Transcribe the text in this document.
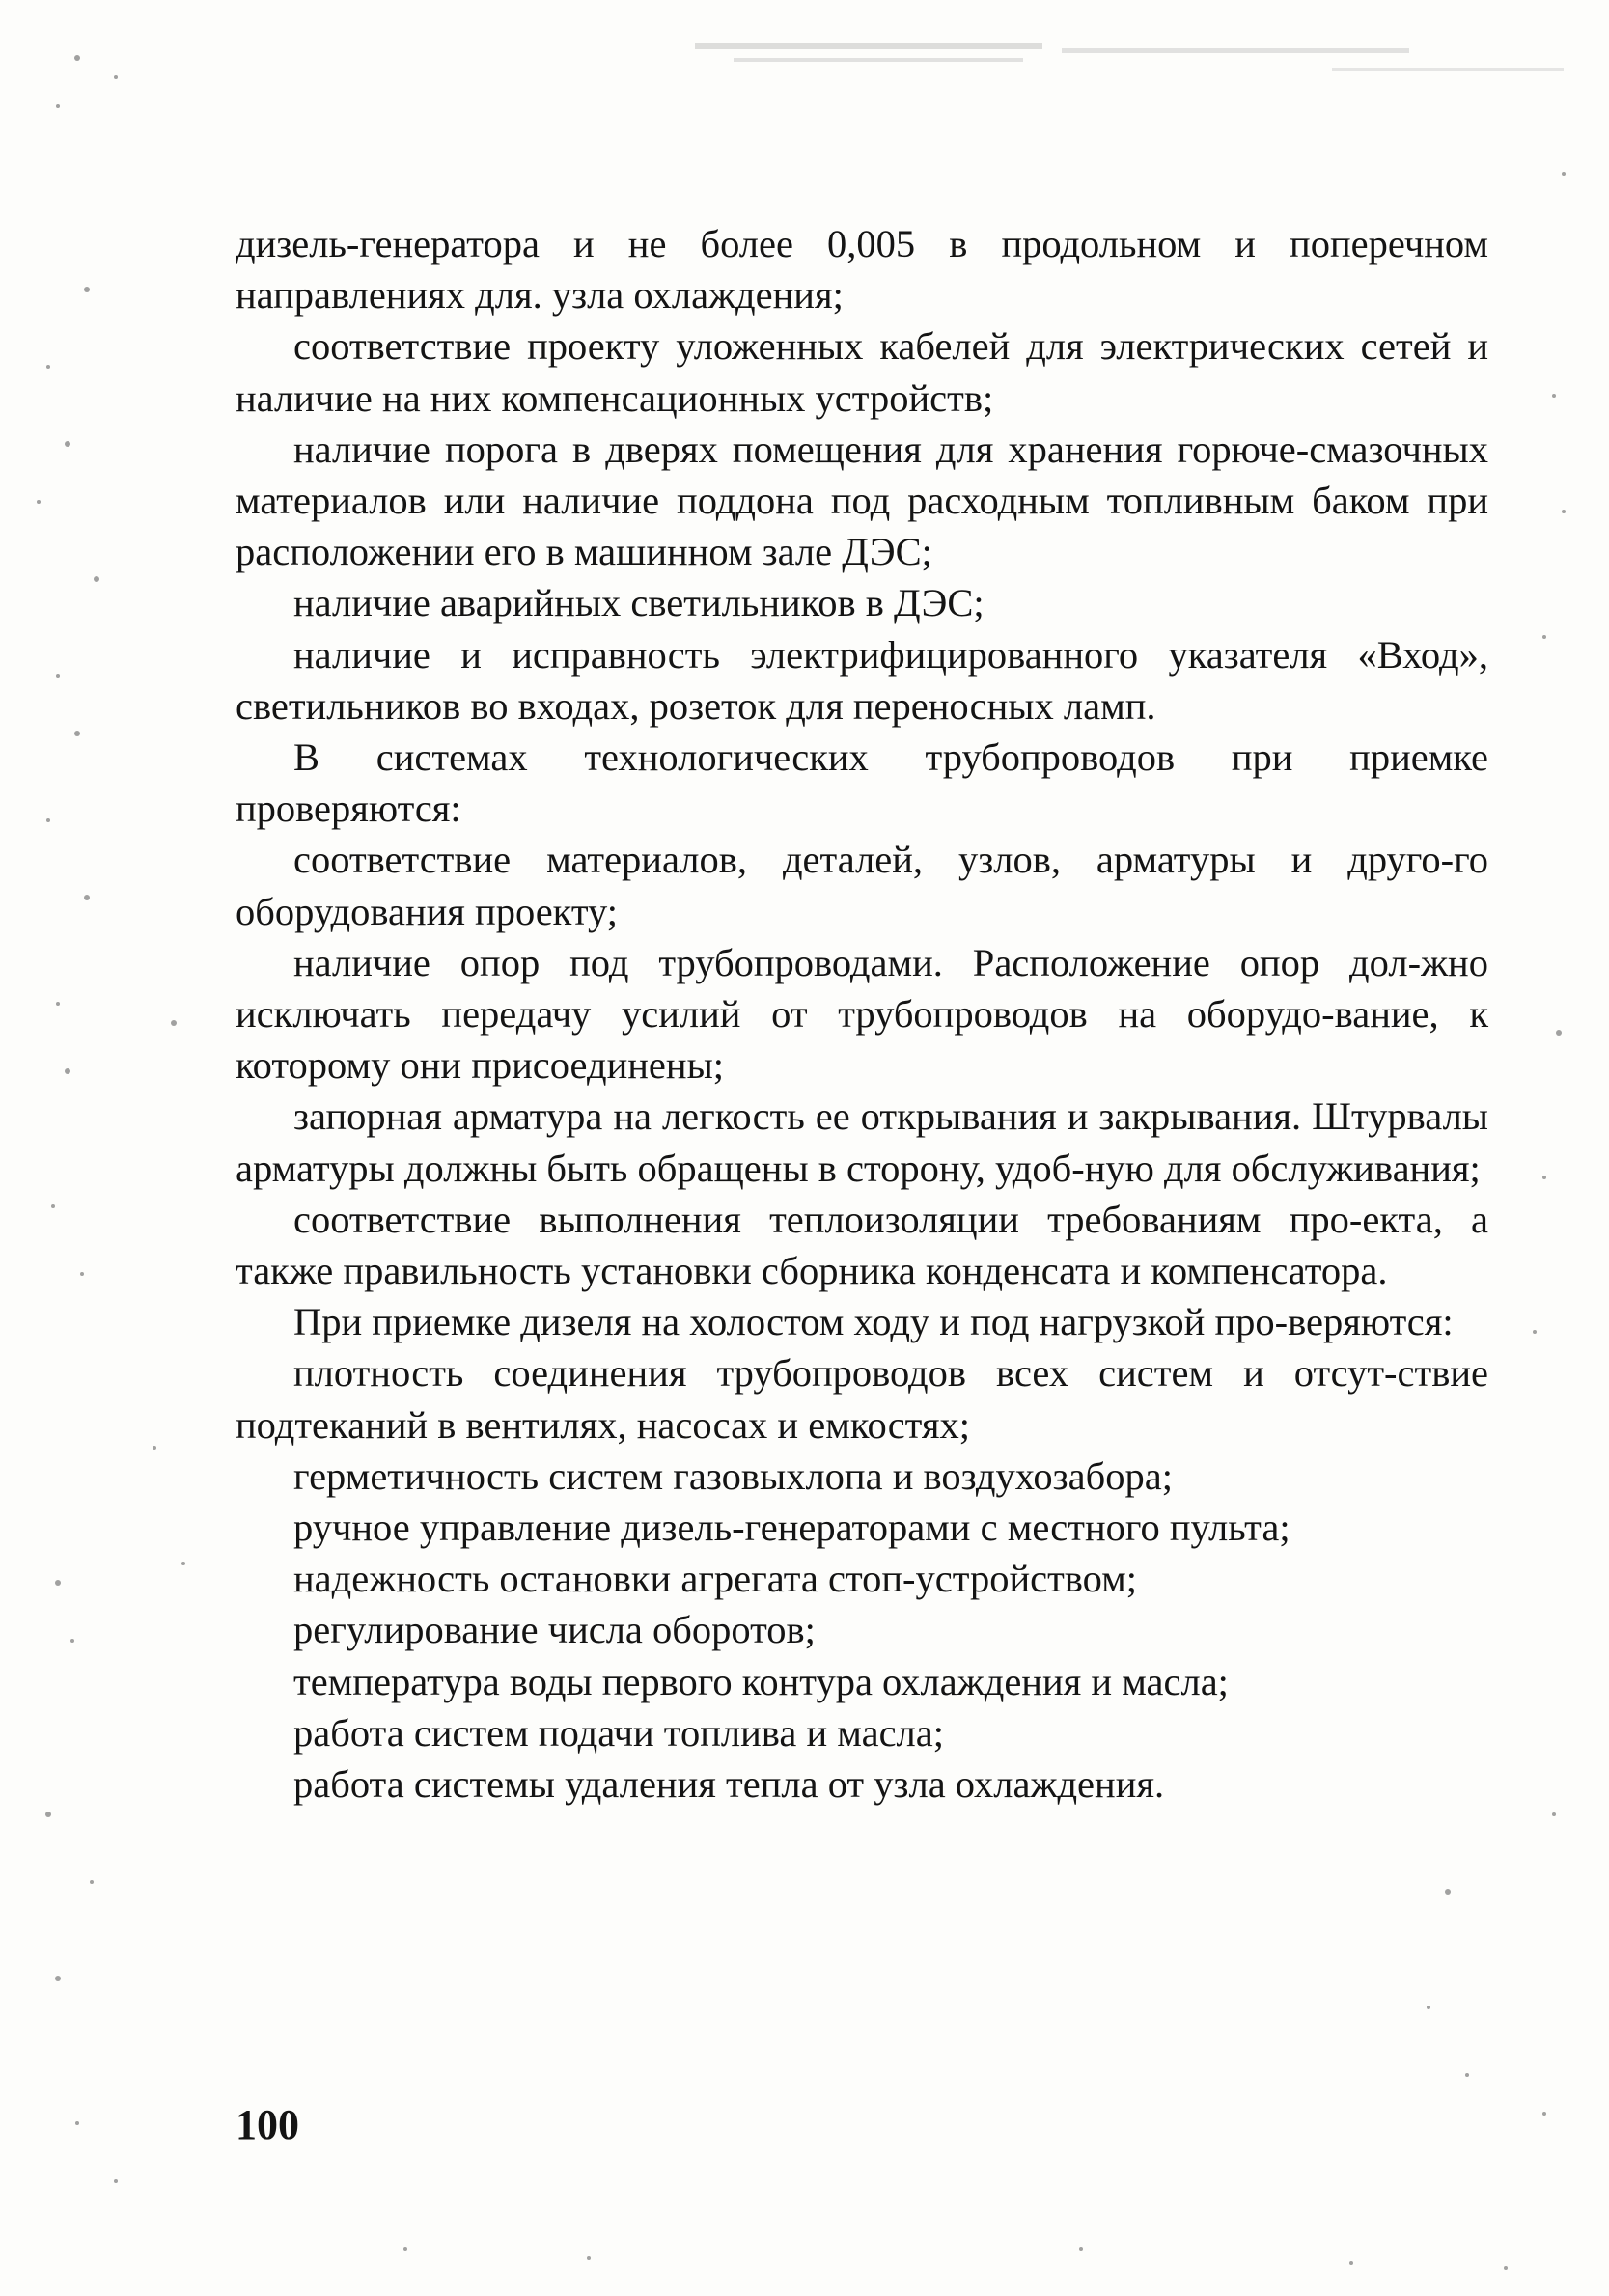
дизель-генератора и не более 0,005 в продольном и поперечном направлениях для. узла охлаждения;

соответствие проекту уложенных кабелей для электрических сетей и наличие на них компенсационных устройств;

наличие порога в дверях помещения для хранения горюче-смазочных материалов или наличие поддона под расходным топливным баком при расположении его в машинном зале ДЭС;

наличие аварийных светильников в ДЭС;

наличие и исправность электрифицированного указателя «Вход», светильников во входах, розеток для переносных ламп.

В системах технологических трубопроводов при приемке проверяются:

соответствие материалов, деталей, узлов, арматуры и друго-го оборудования проекту;

наличие опор под трубопроводами. Расположение опор дол-жно исключать передачу усилий от трубопроводов на оборудо-вание, к которому они присоединены;

запорная арматура на легкость ее открывания и закрывания. Штурвалы арматуры должны быть обращены в сторону, удоб-ную для обслуживания;

соответствие выполнения теплоизоляции требованиям про-екта, а также правильность установки сборника конденсата и компенсатора.

При приемке дизеля на холостом ходу и под нагрузкой про-веряются:

плотность соединения трубопроводов всех систем и отсут-ствие подтеканий в вентилях, насосах и емкостях;

герметичность систем газовыхлопа и воздухозабора;

ручное управление дизель-генераторами с местного пульта;

надежность остановки агрегата стоп-устройством;

регулирование числа оборотов;

температура воды первого контура охлаждения и масла;

работа систем подачи топлива и масла;

работа системы удаления тепла от узла охлаждения.

100
